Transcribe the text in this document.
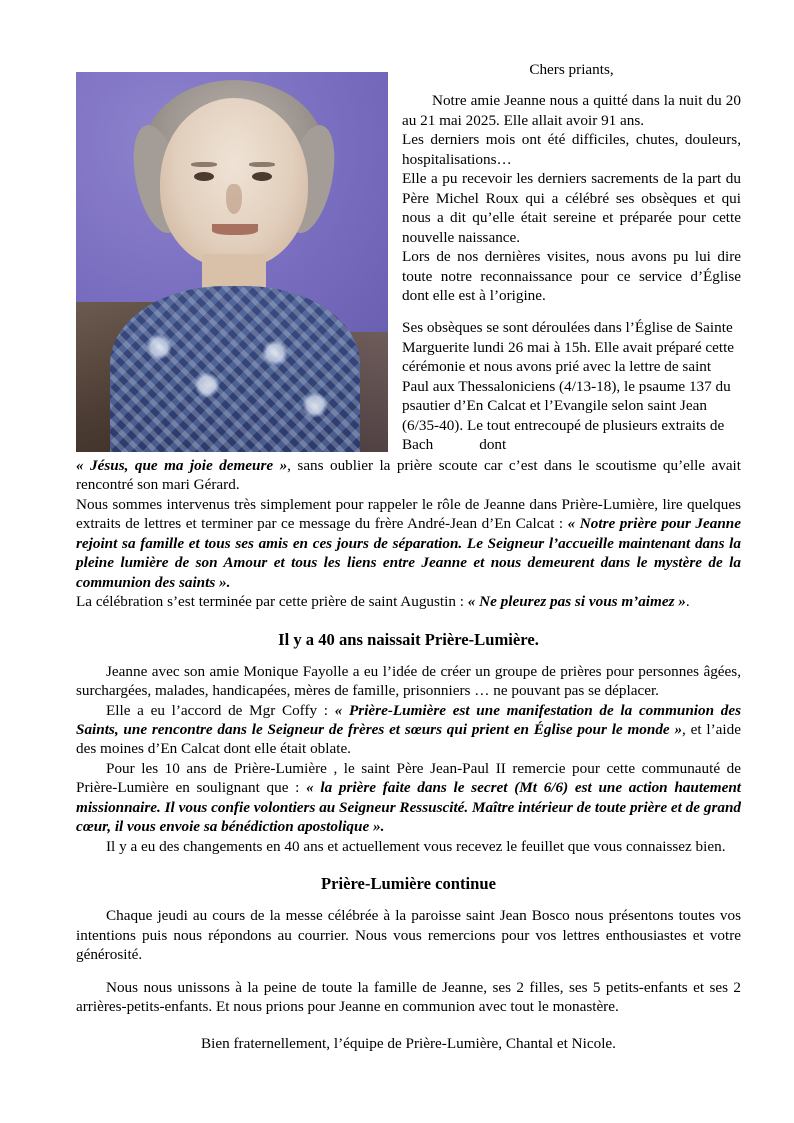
Chers priants,

Notre amie Jeanne nous a quitté dans la nuit du 20 au 21 mai 2025. Elle allait avoir 91 ans.

Les derniers mois ont été difficiles, chutes, douleurs, hospitalisations…

Elle a pu recevoir les derniers sacrements de la part du Père Michel Roux qui a célébré ses obsèques et qui nous a dit qu’elle était sereine et préparée pour cette nouvelle naissance.

Lors de nos dernières visites, nous avons pu lui dire toute notre reconnaissance pour ce service d’Église dont elle est à l’origine.

Ses obsèques se sont déroulées dans l’Église de Sainte Marguerite lundi 26 mai à 15h. Elle avait préparé cette cérémonie et nous avons prié avec la lettre de saint Paul aux Thessaloniciens (4/13-18), le psaume 137 du psautier d’En Calcat et l’Evangile selon saint Jean (6/35-40). Le tout entrecoupé de plusieurs extraits de Bach	dont

« Jésus, que ma joie demeure », sans oublier la prière scoute car c’est dans le scoutisme qu’elle avait rencontré son mari Gérard.

Nous sommes intervenus très simplement pour rappeler le rôle de Jeanne dans Prière-Lumière, lire quelques extraits de lettres et terminer par ce message du frère André-Jean d’En Calcat : « Notre prière pour Jeanne rejoint sa famille et tous ses amis en ces jours de séparation. Le Seigneur l’accueille maintenant dans la pleine lumière de son Amour et tous les liens entre Jeanne et nous demeurent dans le mystère de la communion des saints ».

La célébration s’est terminée par cette prière de saint Augustin : « Ne pleurez pas si vous m’aimez ».

Il y a 40 ans naissait Prière-Lumière.

Jeanne avec son amie Monique Fayolle a eu l’idée de créer un groupe de prières pour personnes âgées, surchargées, malades, handicapées, mères de famille, prisonniers … ne pouvant pas se déplacer.

Elle a eu l’accord de Mgr Coffy : « Prière-Lumière est une manifestation de la communion des Saints, une rencontre dans le Seigneur de frères et sœurs qui prient en Église pour le monde », et l’aide des moines d’En Calcat dont elle était oblate.

Pour les 10 ans de Prière-Lumière , le saint Père Jean-Paul II remercie pour cette communauté de Prière-Lumière en soulignant que : « la prière faite dans le secret (Mt 6/6) est une action hautement missionnaire. Il vous confie volontiers au Seigneur Ressuscité. Maître intérieur de toute prière et de grand cœur, il vous envoie sa bénédiction apostolique ».

Il y a eu des changements en 40 ans et actuellement vous recevez le feuillet que vous connaissez bien.

Prière-Lumière continue

Chaque jeudi au cours de la messe célébrée à la paroisse saint Jean Bosco nous présentons toutes vos intentions puis nous répondons au courrier. Nous vous remercions pour vos lettres enthousiastes et votre générosité.

Nous nous unissons à la peine de toute la famille de Jeanne, ses 2 filles, ses 5 petits-enfants et ses 2 arrières-petits-enfants. Et nous prions pour Jeanne en communion avec tout le monastère.

Bien fraternellement, l’équipe de Prière-Lumière, Chantal et Nicole.
